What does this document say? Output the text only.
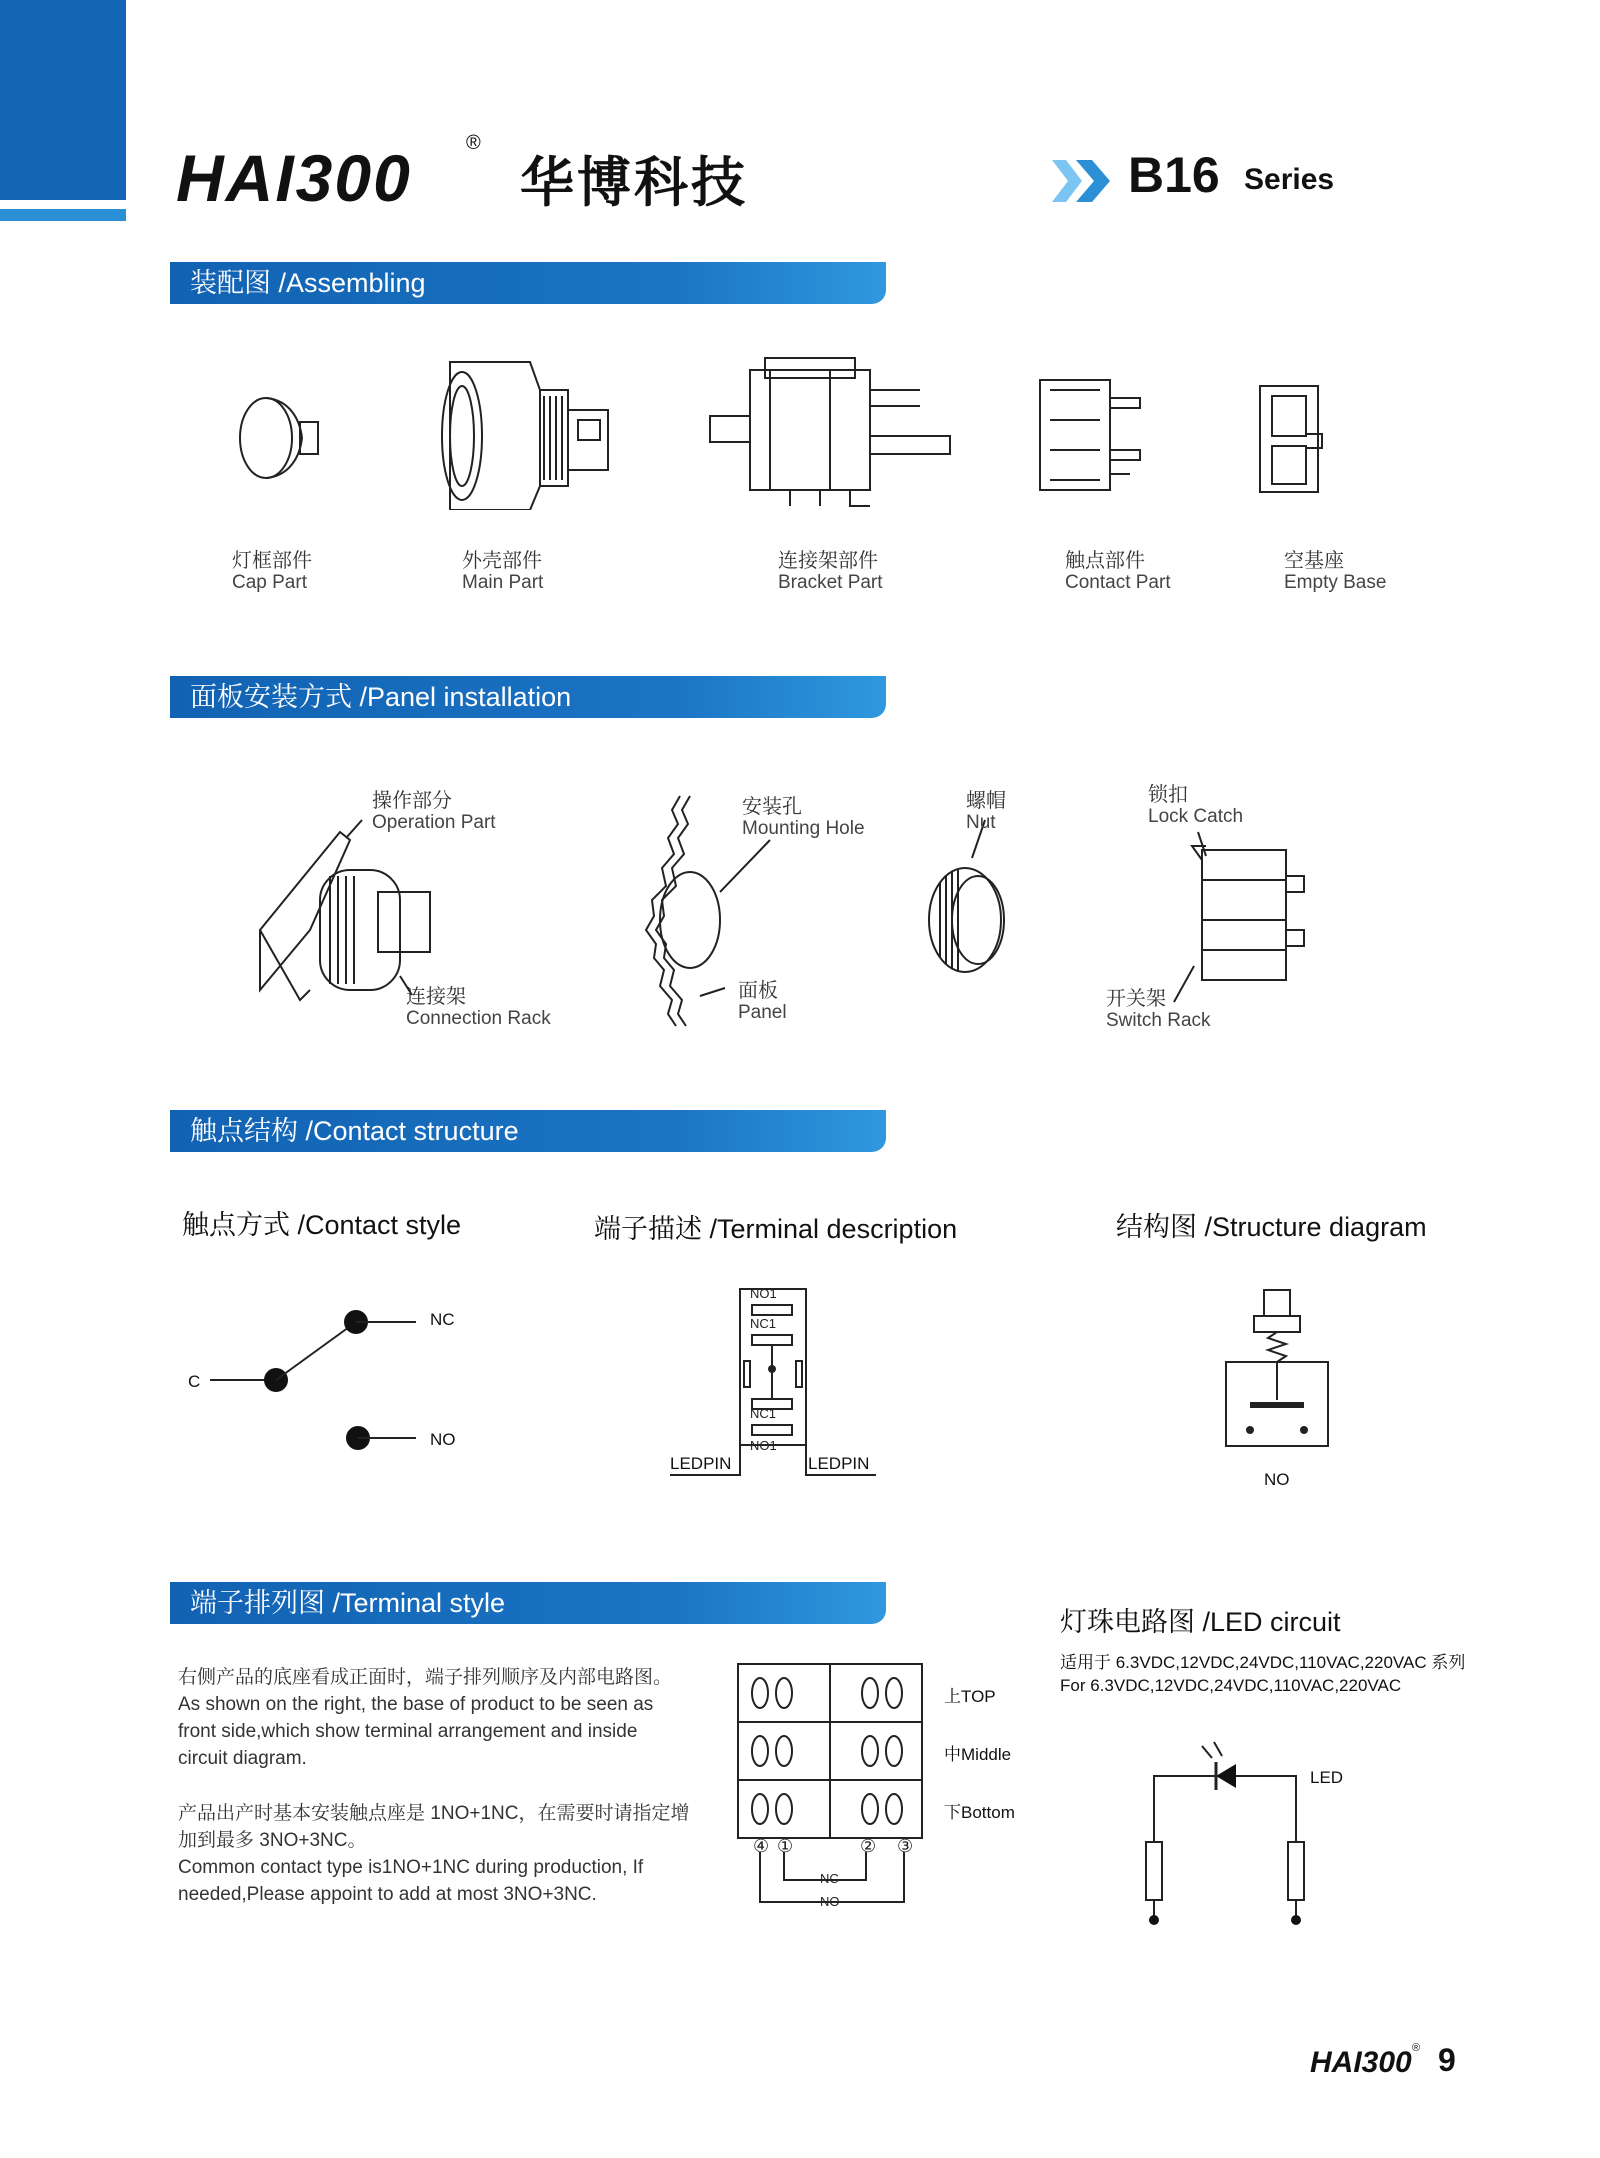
HAI300	®
华博科技	B16 Series
装配图 /Assembling
灯框部件
Cap Part
外壳部件
Main Part
连接架部件
Bracket Part
触点部件
Contact Part
空基座
Empty Base
面板安装方式 /Panel installation
操作部分
Operation Part
连接架
Connection Rack
安装孔
Mounting Hole
面板
Panel
螺帽
Nut
锁扣
Lock Catch
开关架
Switch Rack
触点结构 /Contact structure
触点方式 /Contact style	端子描述 /Terminal description	结构图 /Structure diagram
NC
C
NO
NO1
NC1
NC1
NO1
LEDPIN	LEDPIN
NO
端子排列图 /Terminal style
右侧产品的底座看成正面时，端子排列顺序及内部电路图。
As shown on the right, the base of product to be seen as front side,which show terminal arrangement and inside circuit diagram.
产品出产时基本安装触点座是 1NO+1NC，在需要时请指定增加到最多 3NO+3NC。
Common contact type is1NO+1NC during production, If needed,Please appoint to add at most 3NO+3NC.
④ ①	② ③
NC
NO
上TOP
中Middle
下Bottom
灯珠电路图 /LED circuit
适用于 6.3VDC,12VDC,24VDC,110VAC,220VAC 系列
For 6.3VDC,12VDC,24VDC,110VAC,220VAC
LED
HAI300 ® 9
